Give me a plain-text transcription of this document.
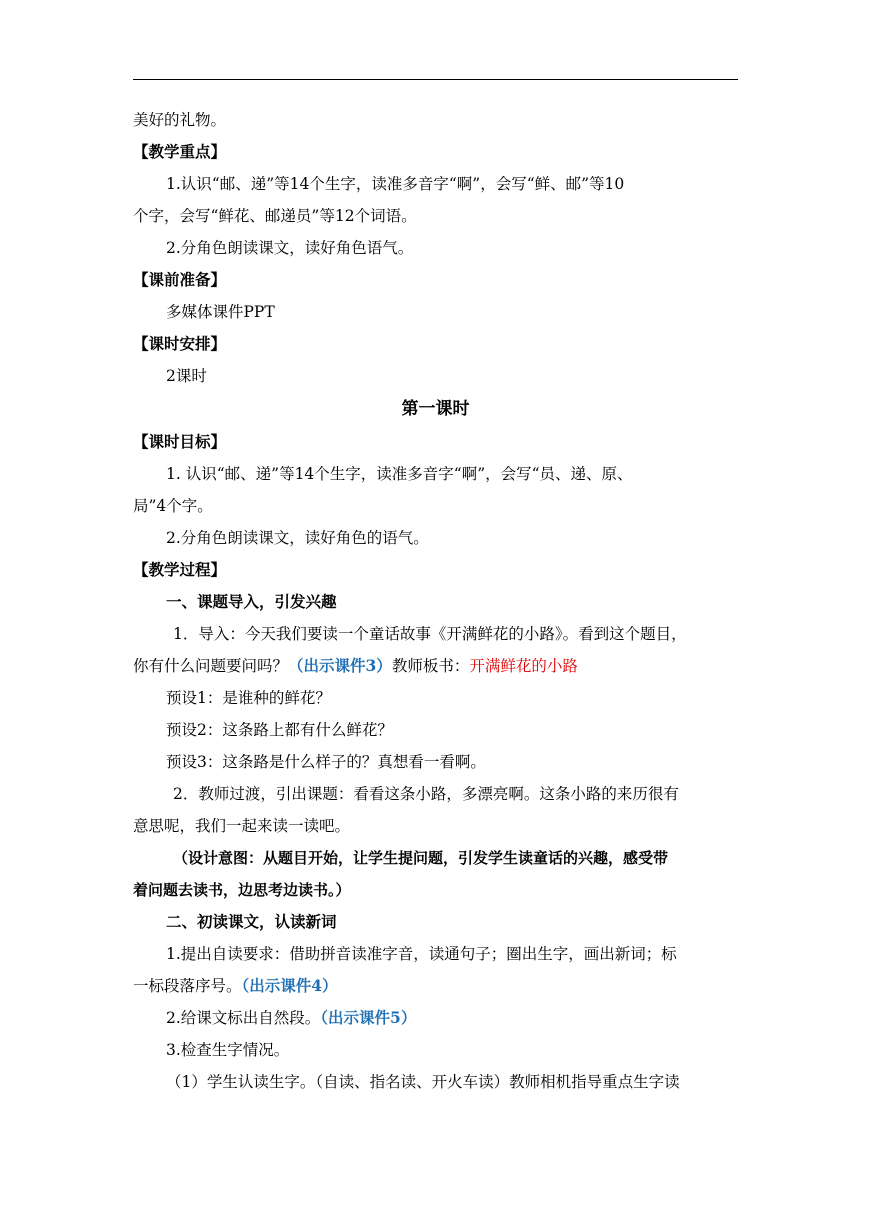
美好的礼物。
【教学重点】
1.认识“邮、递”等14个生字，读准多音字“啊”，会写“鲜、邮”等10
个字，会写“鲜花、邮递员”等12个词语。
2.分角色朗读课文，读好角色语气。
【课前准备】
多媒体课件PPT
【课时安排】
2课时
第一课时
【课时目标】
1. 认识“邮、递”等14个生字，读准多音字“啊”，会写“员、递、原、
局”4个字。
2.分角色朗读课文，读好角色的语气。
【教学过程】
一、课题导入，引发兴趣
1．导入：今天我们要读一个童话故事《开满鲜花的小路》。看到这个题目，
你有什么问题要问吗？（出示课件3）教师板书：开满鲜花的小路
预设1：是谁种的鲜花？
预设2：这条路上都有什么鲜花？
预设3：这条路是什么样子的？真想看一看啊。
2．教师过渡，引出课题：看看这条小路，多漂亮啊。这条小路的来历很有
意思呢，我们一起来读一读吧。
（设计意图：从题目开始，让学生提问题，引发学生读童话的兴趣，感受带
着问题去读书，边思考边读书。）
二、初读课文，认读新词
1.提出自读要求：借助拼音读准字音，读通句子；圈出生字，画出新词；标
一标段落序号。（出示课件4）
2.给课文标出自然段。（出示课件5）
3.检查生字情况。
（1）学生认读生字。（自读、指名读、开火车读）教师相机指导重点生字读
